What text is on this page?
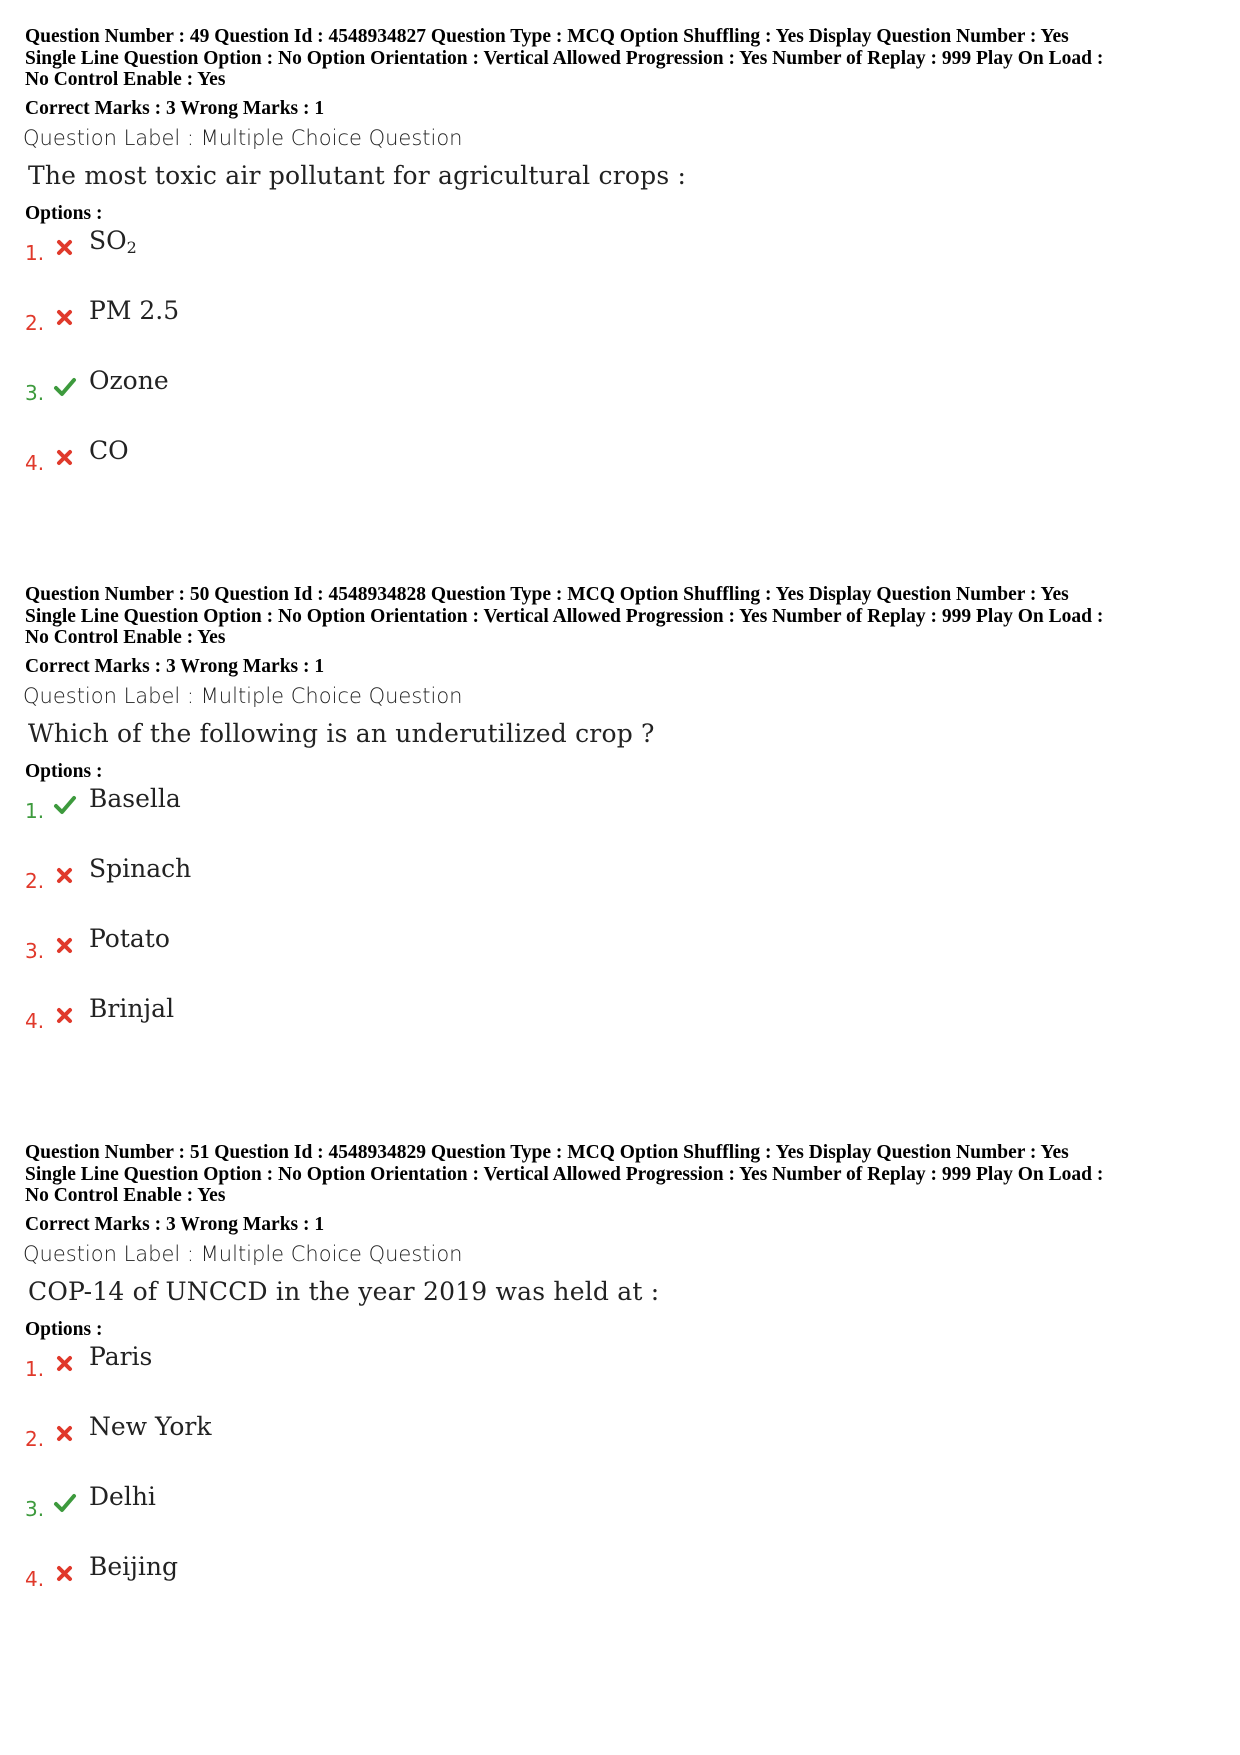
Question Number : 49 Question Id : 4548934827 Question Type : MCQ Option Shuffling : Yes Display Question Number : Yes
Single Line Question Option : No Option Orientation : Vertical Allowed Progression : Yes Number of Replay : 999 Play On Load :
No Control Enable : Yes
Correct Marks : 3 Wrong Marks : 1
Question Label : Multiple Choice Question
The most toxic air pollutant for agricultural crops :
Options :
1. $SO_2$
2. PM 2.5
3. Ozone
4. CO
Question Number : 50 Question Id : 4548934828 Question Type : MCQ Option Shuffling : Yes Display Question Number : Yes
Single Line Question Option : No Option Orientation : Vertical Allowed Progression : Yes Number of Replay : 999 Play On Load :
No Control Enable : Yes
Correct Marks : 3 Wrong Marks : 1
Question Label : Multiple Choice Question
Which of the following is an underutilized crop ?
Options :
1. Basella
2. Spinach
3. Potato
4. Brinjal
Question Number : 51 Question Id : 4548934829 Question Type : MCQ Option Shuffling : Yes Display Question Number : Yes
Single Line Question Option : No Option Orientation : Vertical Allowed Progression : Yes Number of Replay : 999 Play On Load :
No Control Enable : Yes
Correct Marks : 3 Wrong Marks : 1
Question Label : Multiple Choice Question
COP-14 of UNCCD in the year 2019 was held at :
Options :
1. Paris
2. New York
3. Delhi
4. Beijing
